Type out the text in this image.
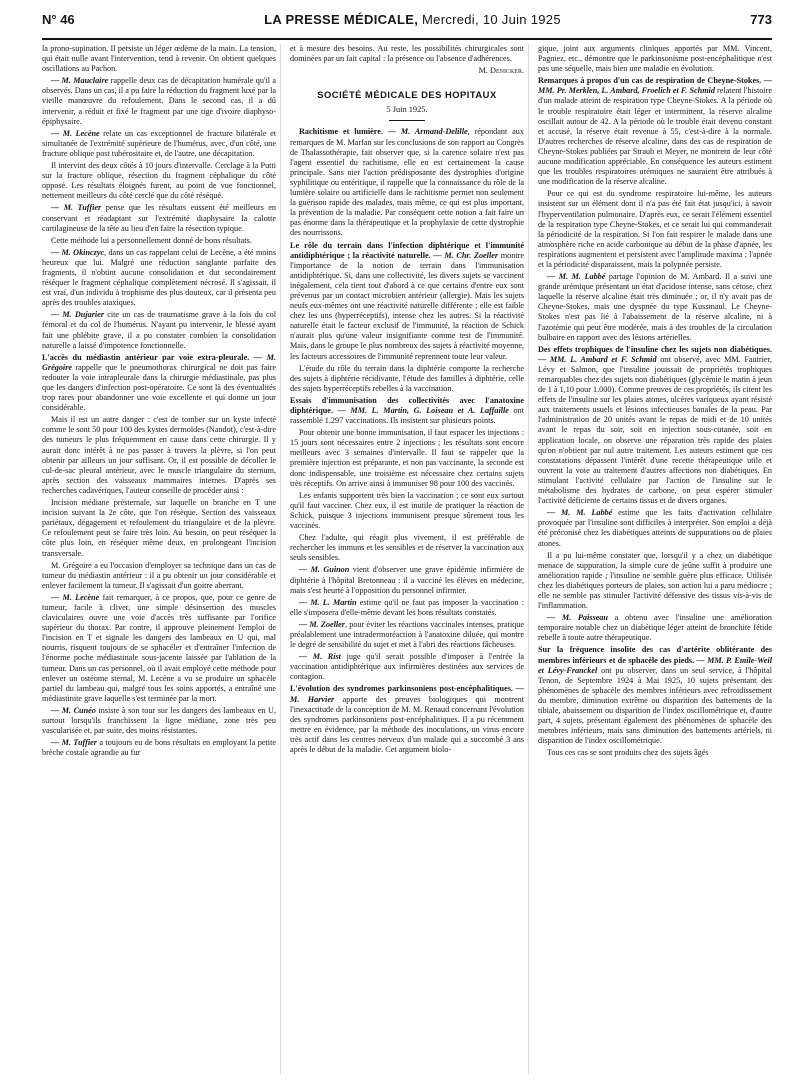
N° 46	LA PRESSE MÉDICALE, Mercredi, 10 Juin 1925	773

la prono-supination. Il persiste un léger œdème de la main. La tension, qui était nulle avant l'intervention, tend à revenir. On obtient quelques oscillations au Pachon.

— M. Mauclaire rappelle deux cas de décapitation humérale qu'il a observés. Dans un cas, il a pu faire la réduction du fragment luxé par la vieille manœuvre du refoulement. Dans le second cas, il a dû intervenir, a réduit et fixé le fragment par une tige d'ivoire diaphyso-épiphysaire.

— M. Lecène relate un cas exceptionnel de fracture bilatérale et simultanée de l'extrémité supérieure de l'humérus, avec, d'un côté, une fracture oblique post tubérositaire et, de l'autre, une décapitation.

Il intervint des deux côtés à 10 jours d'intervalle. Cerclage à la Putti sur la fracture oblique, résection du fragment céphalique du côté opposé. Les résultats éloignés furent, au point de vue fonctionnel, nettement meilleurs du côté cerclé que du côté réséqué.

— M. Tuffier pense que les résultats eussent été meilleurs en conservant et réadaptant sur l'extrémité diaphysaire la calotte cartilagineuse de la tête au lieu d'en faire la résection typique.

Cette méthode lui a personnellement donné de bons résultats.

— M. Okinczyc, dans un cas rappelant celui de Lecène, a été moins heureux que lui. Malgré une réduction sanglante parfaite des fragments, il n'obtint aucune consolidation et dut secondairement réséquer le fragment céphalique complètement nécrosé. Il s'agissait, il est vrai, d'un individu à trophisme des plus douteux, car il présenta peu après des troubles ataxiques.

— M. Dujarier cite un cas de traumatisme grave à la fois du col fémoral et du col de l'humérus. N'ayant pu intervenir, le blessé ayant fait une phlébite grave, il a pu constater combien la consolidation naturelle a laissé d'impotence fonctionnelle.

L'accès du médiastin antérieur par voie extra-pleurale. — M. Grégoire rappelle que le pneumothorax chirurgical ne doit pas faire redouter la voie intrapleurale dans la chirurgie médiastinale, pas plus que les dangers d'infection post-opératoire. Ce sont là des éventualités trop rares pour abandonner une voie excellente et qui donne un jour considérable.

Mais il est un autre danger : c'est de tomber sur un kyste infecté comme le sont 50 pour 100 des kystes dermoïdes (Nandot), c'est-à-dire des tumeurs le plus fréquemment en cause dans cette chirurgie. Il y aurait donc intérêt à ne pas passer à travers la plèvre, si l'on peut obtenir par ailleurs un jour suffisant. Or, il est possible de décoller le cul-de-sac pleural antérieur, avec le muscle triangulaire du sternum, après section des vaisseaux mammaires internes. D'après ses recherches cadavériques, l'auteur conseille de procéder ainsi :

Incision médiane présternale, sur laquelle on branche en T une incision suivant la 2e côte, que l'on résèque. Section des vaisseaux pariétaux, dégagement et refoulement du triangulaire et de la plèvre. Ce refoulement peut se faire très loin. Au besoin, on peut réséquer la côte plus loin, en réséquer même deux, en prolongeant l'incision transversale.

M. Grégoire a eu l'occasion d'employer sa technique dans un cas de tumeur du médiastin antérieur : il a pu obtenir un jour considérable et enlever facilement la tumeur. Il s'agissait d'un goitre aberrant.

— M. Lecène fait remarquer, à ce propos, que, pour ce genre de tumeur, facile à cliver, une simple désinsertion des muscles claviculaires ouvre une voie d'accès très suffisante par l'orifice supérieur du thorax. Par contre, il approuve pleinement l'emploi de l'incision en T et signale les dangers des lambeaux en U qui, mal nourris, risquent toujours de se sphacéler et d'entraîner l'infection de l'énorme poche médiastinale sous-jacente laissée par l'ablation de la tumeur. Dans un cas personnel, où il avait employé cette méthode pour enlever un ostéome sternal, M. Lecène a vu se produire un sphacèle partiel du lambeau qui, malgré tous les soins apportés, a entraîné une médiastinite grave laquelle s'est terminée par la mort.

— M. Cunéo insiste à son tour sur les dangers des lambeaux en U, surtout lorsqu'ils franchissent la ligne médiane, zone très peu vascularisée et, par suite, des moins résistantes.

— M. Tuffier a toujours eu de bons résultats en employant la petite brèche costale agrandie au fur

et à mesure des besoins. Au reste, les possibilités chirurgicales sont dominées par un fait capital : la présence ou l'absence d'adhérences.

M. Denicker.
SOCIÉTÉ MÉDICALE DES HOPITAUX
5 Juin 1925.

Rachitisme et lumière. — M. Armand-Delille, répondant aux remarques de M. Marfan sur les conclusions de son rapport au Congrès de Thalassothérapie, fait observer que, si la carence solaire n'est pas l'agent essentiel du rachitisme, elle en est certainement la cause principale. Sans nier l'action prédisposante des dystrophies d'origine syphilitique ou entéritique, il rappelle que la connaissance du rôle de la lumière solaire ou artificielle dans le rachitisme permet non seulement la guérison rapide des malades, mais même, ce qui est plus important, la prévention de la maladie. Par conséquent cette notion a fait faire un pas énorme dans la thérapeutique et la prophylaxie de cette dystrophie des nourrissons.

Le rôle du terrain dans l'infection diphtérique et l'immunité antidiphtérique ; la réactivité naturelle. — M. Chr. Zoeller montre l'importance de la notion de terrain dans l'immunisation antidiphtérique. Si, dans une collectivité, les divers sujets se vaccinent inégalement, cela tient tout d'abord à ce que certains d'entre eux sont prévenus par un contact microbien antérieur (allergie). Mais les sujets neufs eux-mêmes ont une réactivité naturelle différente ; elle est faible chez les uns (hyperréceptifs), intense chez les autres. Si la réactivité naturelle était le facteur exclusif de l'immunité, la réaction de Schick n'aurait plus qu'une valeur insignifiante comme test de l'immunité. Mais, dans le groupe le plus nombreux des sujets à réactivité moyenne, les facteurs accessoires de l'immunité reprennent toute leur valeur.

L'étude du rôle du terrain dans la diphtérie comporte la recherche des sujets à diphtérie récidivante, l'étude des familles à diphtérie, celle des sujets hyperréceptifs rebelles à la vaccination.

Essais d'immunisation des collectivités avec l'anatoxine diphtérique. — MM. L. Martin, G. Loiseau et A. Laffaille ont rassemblé 1.297 vaccinations. Ils insistent sur plusieurs points.

Pour obtenir une bonne immunisation, il faut espacer les injections : 15 jours sont nécessaires entre 2 injections ; les résultats sont encore meilleurs avec 3 semaines d'intervalle. Il faut se rappeler que la première injection est préparante, et non pas vaccinante, la seconde est donc indispensable, une troisième est nécessaire chez certains sujets très réceptifs. On arrive ainsi à immuniser 98 pour 100 des vaccinés.

Les enfants supportent très bien la vaccination ; ce sont eux surtout qu'il faut vacciner. Chez eux, il est inutile de pratiquer la réaction de Schick, puisque 3 injections immunisent presque sûrement tous les vaccinés.

Chez l'adulte, qui réagit plus vivement, il est préférable de rechercher les immuns et les sensibles et de réserver la vaccination aux seuls sensibles.

— M. Guinon vient d'observer une grave épidémie infirmière de diphtérie à l'hôpital Bretonneau : il a vacciné les élèves en médecine, mais s'est heurté à l'opposition du personnel infirmier.

— M. L. Martin estime qu'il ne faut pas imposer la vaccination : elle s'imposera d'elle-même devant les bons résultats constatés.

— M. Zoeller, pour éviter les réactions vaccinales intenses, pratique préalablement une intradermoréaction à l'anatoxine diluée, qui montre le degré de sensibilité du sujet et met à l'abri des réactions fâcheuses.

— M. Rist juge qu'il serait possible d'imposer à l'entrée la vaccination antidiphtérique aux infirmières destinées aux services de contagion.

L'évolution des syndromes parkinsoniens post-encéphalitiques. — M. Harvier apporte des preuves biologiques qui montrent l'inexactitude de la conception de M. M. Renaud concernant l'évolution des syndromes parkinsoniens post-encéphalitiques. Il a pu récemment mettre en évidence, par la méthode des inoculations, un virus encore très actif dans les centres nerveux d'un malade qui a succombé 3 ans après le début de la maladie. Cet argument biolo-

gique, joint aux arguments cliniques apportés par MM. Vincent, Pagniez, etc., démontre que le parkinsonisme post-encéphalitique n'est pas une séquelle, mais bien une maladie en évolution.

Remarques à propos d'un cas de respiration de Cheyne-Stokes. — MM. Pr. Merklen, L. Ambard, Froelich et F. Schmid relatent l'histoire d'un malade atteint de respiration type Cheyne-Stokes. A la période où le trouble respiratoire était léger et intermittent, la réserve alcaline oscillait autour de 42. A la période où le trouble était devenu constant et accusé, la réserve était revenue à 55, c'est-à-dire à la normale. D'autres recherches de réserve alcaline, dans des cas de respiration de Cheyne-Stokes publiées par Straub et Meyer, ne montrent de leur côté aucune modification appréciable. En conséquence les auteurs estiment que les troubles respiratoires urémiques ne sauraient être attribués à une modification de la réserve alcaline.

Pour ce qui est du syndrome respiratoire lui-même, les auteurs insistent sur un élément dont il n'a pas été fait état jusqu'ici, à savoir l'hyperventilation pulmonaire. D'après eux, ce serait l'élément essentiel de la respiration type Cheyne-Stokes, et ce serait lui qui commanderait la périodicité de la respiration. Si l'on fait respirer le malade dans une atmosphère riche en acide carbonique au début de la phase d'apnée, les respirations augmentent et persistent avec l'amplitude maxima ; l'apnée et la périodicité disparaissent, mais la polypnée persiste.

— M. M. Labbé partage l'opinion de M. Ambard. Il a suivi une grande urémique présentant un état d'acidose intense, sans cétose, chez laquelle la réserve alcaline était très diminuée ; or, il n'y avait pas de Cheyne-Stokes, mais une dyspnée du type Kussmaul. Le Cheyne-Stokes n'est pas lié à l'abaissement de la réserve alcaline, ni à l'azotémie qui peut être modérée, mais à des troubles de la circulation bulbaire en rapport avec des lésions artérielles.

Des effets trophiques de l'insuline chez les sujets non diabétiques. — MM. L. Ambard et F. Schmid ont observé, avec MM. Fautrier, Lévy et Salmon, que l'insuline jouissait de propriétés trophiques remarquables chez des sujets non diabétiques (glycémie le matin à jeun de 1 à 1,10 pour 1.000). Comme preuves de ces propriétés, ils citent les effets de l'insuline sur les plaies atones, ulcères variqueux ayant résisté aux traitements usuels et lésions infectieuses banales de la peau. Par l'administration de 20 unités avant le repas de midi et de 10 unités avant le repas du soir, soit en injection sous-cutanée, soit en application locale, on observe une réparation très rapide des plaies qu'on n'obtient par nul autre traitement. Les auteurs estiment que ces constatations dépassent l'intérêt d'une recette thérapeutique utile et ouvrent la voie au traitement d'autres affections non diabétiques. En stimulant l'activité cellulaire par l'action de l'insuline sur le métabolisme des hydrates de carbone, on peut espérer stimuler l'activité déficiente de certains tissus et de divers organes.

— M. M. Labbé estime que les faits d'activation cellulaire provoquée par l'insuline sont difficiles à interpréter. Son emploi a déjà été préconisé chez les diabétiques atteints de suppurations ou de plaies atones.

Il a pu lui-même constater que, lorsqu'il y a chez un diabétique menace de suppuration, la simple cure de jeûne suffit à produire une amélioration rapide ; l'insuline ne semble guère plus efficace. Utilisée chez les diabétiques porteurs de plaies, son action lui a paru médiocre ; elle ne semble pas stimuler l'activité défensive des tissus vis-à-vis de l'inflammation.

— M. Paisseau a obtenu avec l'insuline une amélioration temporaire notable chez un diabétique léger atteint de bronchite fétide rebelle à toute autre thérapeutique.

Sur la fréquence insolite des cas d'artérite oblitérante des membres inférieurs et de sphacèle des pieds. — MM. P. Emile-Weil et Lévy-Franckel ont pu observer, dans un seul service, à l'hôpital Tenon, de Septembre 1924 à Mai 1925, 10 sujets présentant des phénomènes de sphacèle des membres inférieurs avec refroidissement du membre, diminution extrême ou disparition des battements de la tibiale, abaissement ou disparition de l'index oscillométrique et, d'autre part, 4 sujets, présentant également des phénomènes de sphacèle des membres inférieurs, mais sans diminution des battements artériels, ni disparition de l'index oscillométrique.

Tous ces cas se sont produits chez des sujets âgés
